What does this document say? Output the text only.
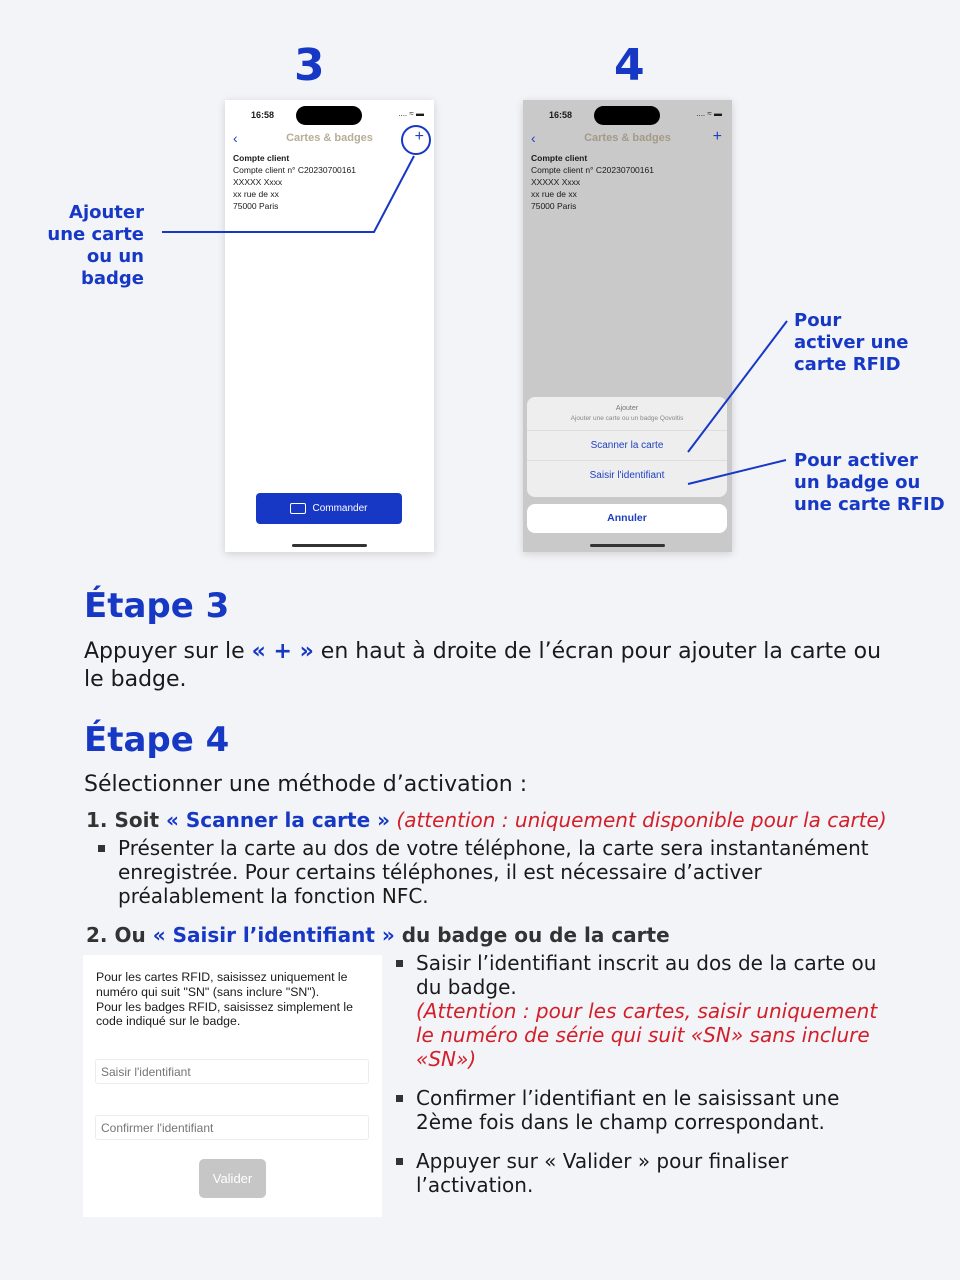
3	4
16:58	.... ≈ ▬
‹	Cartes & badges	+
Compte client
Compte client n° C20230700161
XXXXX Xxxx
xx rue de xx
75000 Paris
Commander
16:58	.... ≈ ▬
‹	Cartes & badges	+
Compte client
Compte client n° C20230700161
XXXXX Xxxx
xx rue de xx
75000 Paris
Ajouter
Ajouter une carte ou un badge Qovoltis
Scanner la carte
Saisir l'identifiant
Annuler
Ajouter
une carte
ou un
badge
Pour
activer une
carte RFID
Pour activer
un badge ou
une carte RFID
Étape 3
Appuyer sur le « + » en haut à droite de l’écran pour ajouter la carte ou le badge.
Étape 4
Sélectionner une méthode d’activation :
1. Soit « Scanner la carte » (attention : uniquement disponible pour la carte)
Présenter la carte au dos de votre téléphone, la carte sera instantanément enregistrée. Pour certains téléphones, il est nécessaire d’activer préalablement la fonction NFC.
2. Ou « Saisir l’identifiant » du badge ou de la carte
Saisir l’identifiant inscrit au dos de la carte ou du badge.
(Attention : pour les cartes, saisir uniquement le numéro de série qui suit «SN» sans inclure «SN»)
Confirmer l’identifiant en le saisissant une 2ème fois dans le champ correspondant.
Appuyer sur « Valider » pour finaliser l’activation.
Pour les cartes RFID, saisissez uniquement le numéro qui suit "SN" (sans inclure "SN").
Pour les badges RFID, saisissez simplement le code indiqué sur le badge.
Saisir l'identifiant
Confirmer l'identifiant
Valider
